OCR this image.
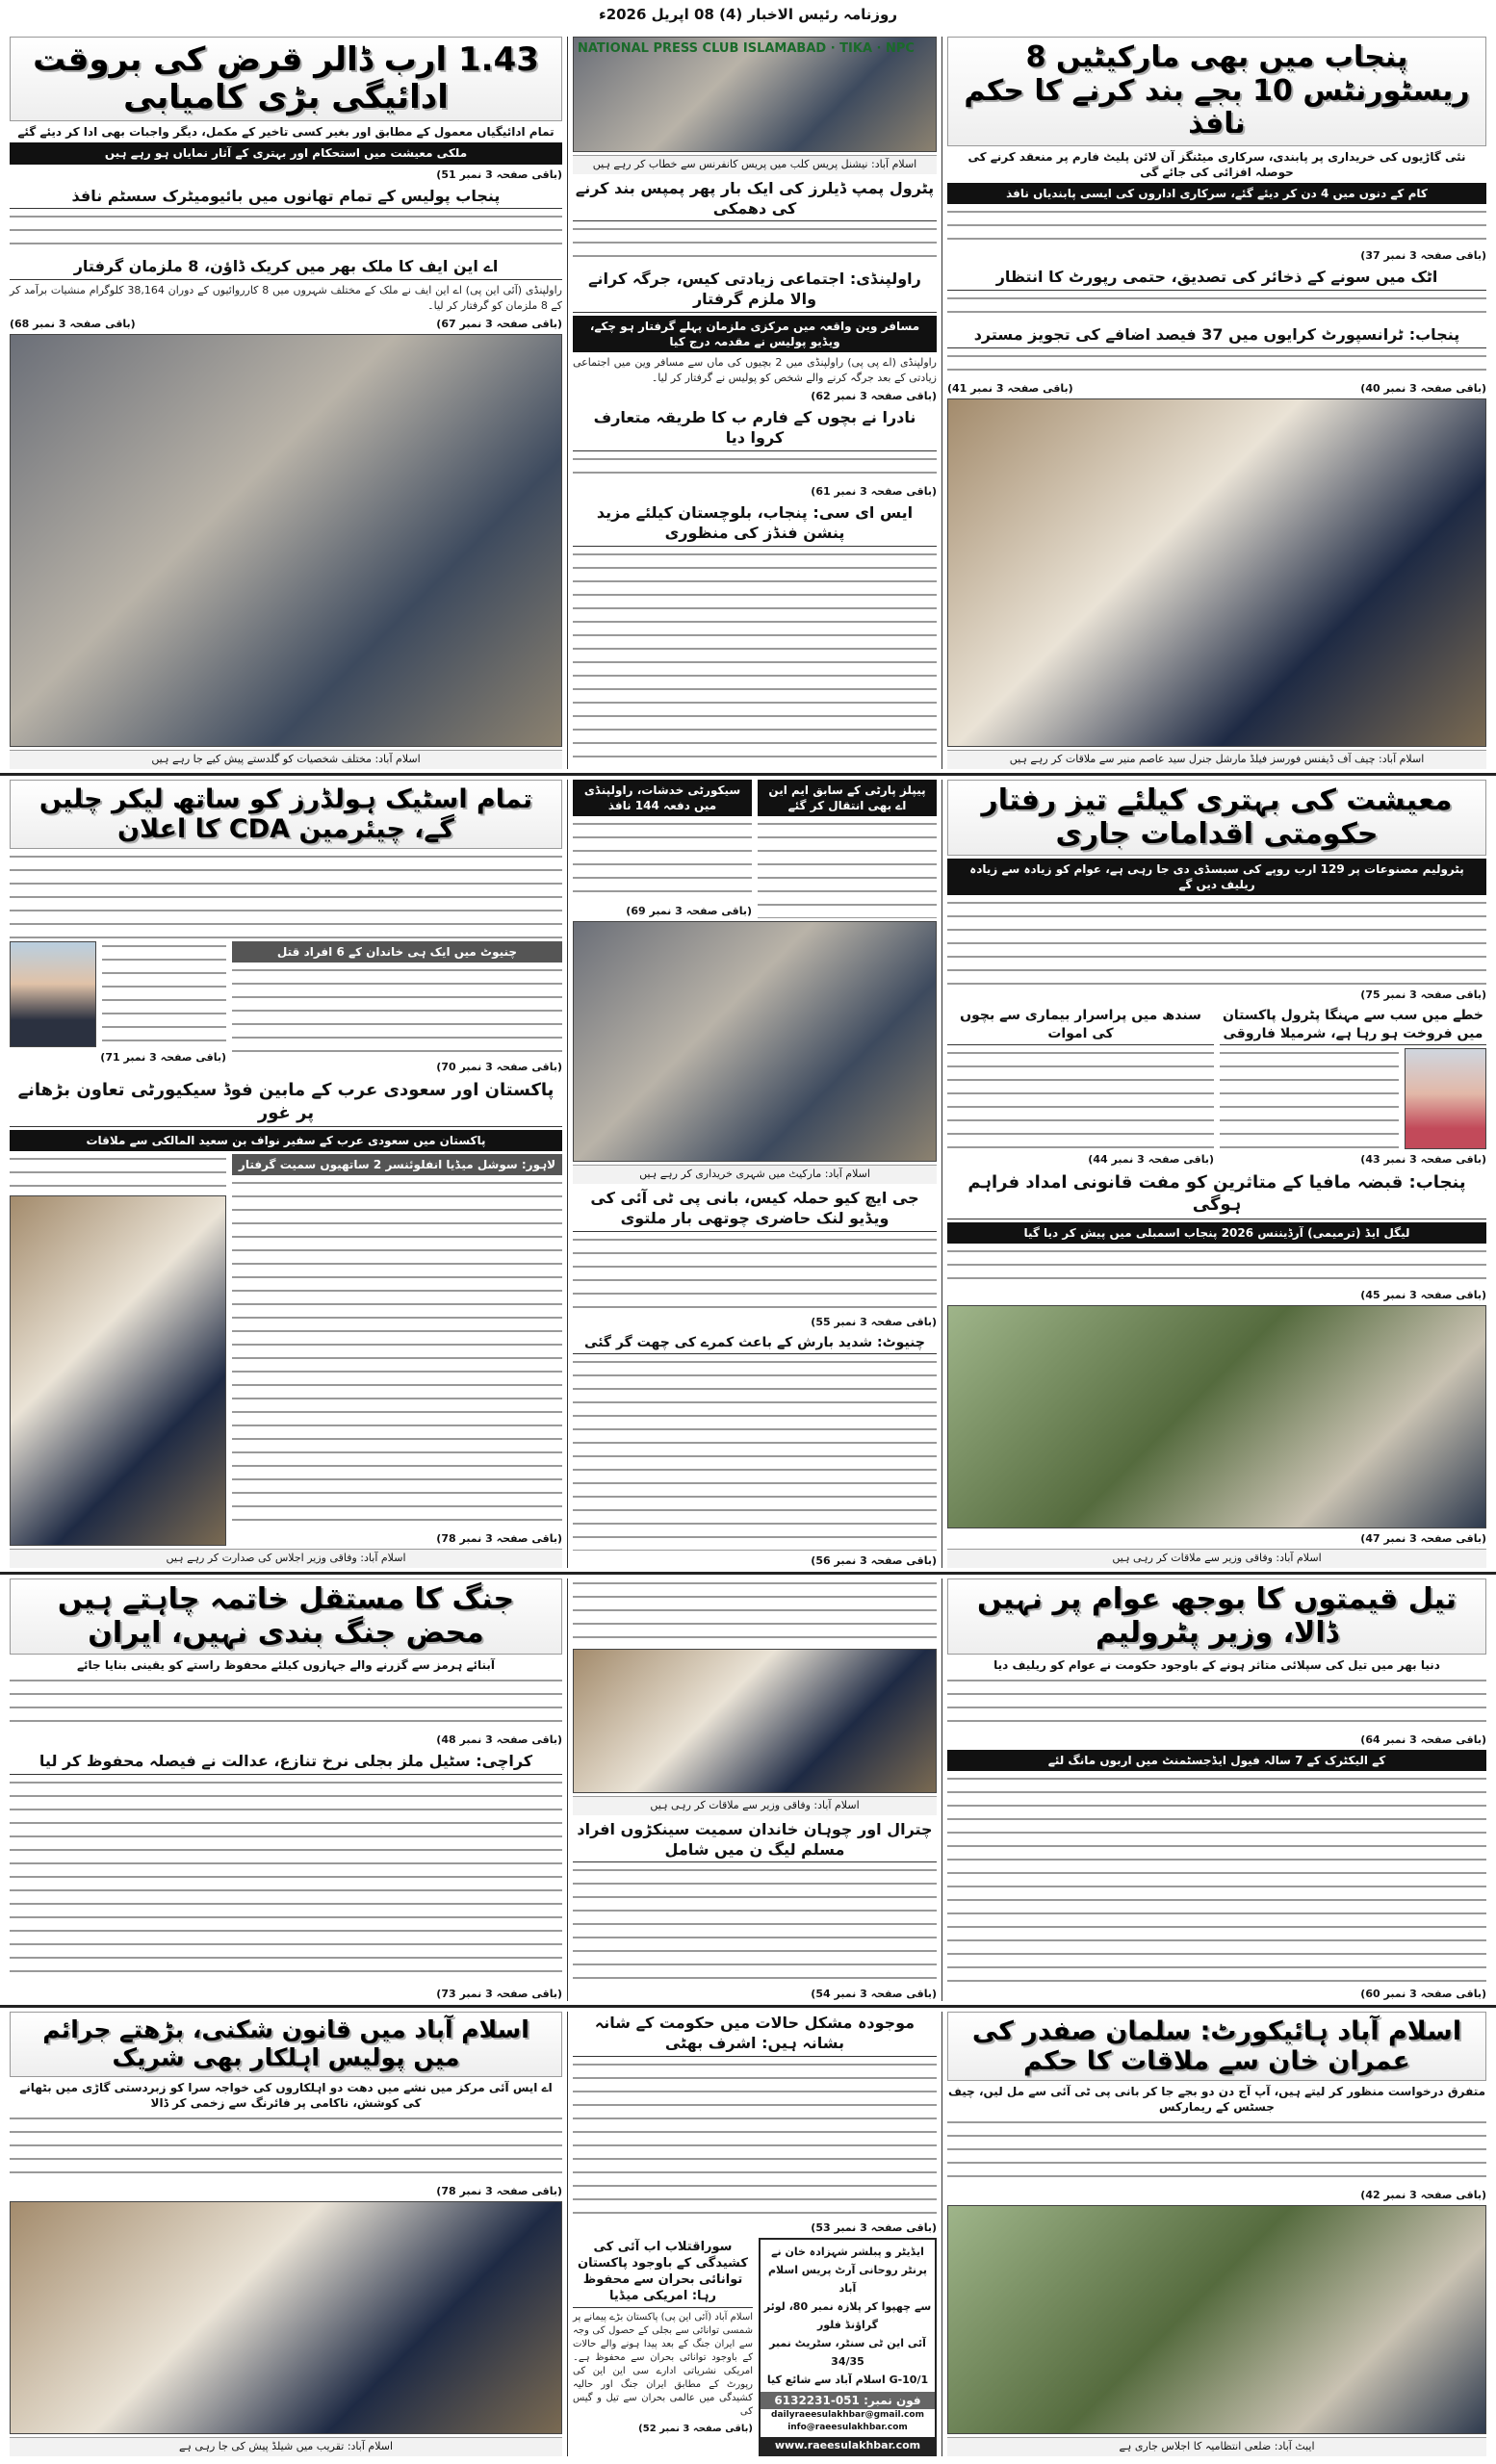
روزنامہ رئیس الاخبار (4) 08 اپریل 2026ء
پنجاب میں بھی مارکیٹیں 8 ریسٹورنٹس 10 بجے بند کرنے کا حکم نافذ
نئی گاڑیوں کی خریداری پر پابندی، سرکاری میٹنگز آن لائن پلیٹ فارم پر منعقد کرنے کی حوصلہ افزائی کی جائے گی
کام کے دنوں میں 4 دن کر دیئے گئے، سرکاری اداروں کی ایسی پابندیاں نافذ
(باقی صفحہ 3 نمبر 37)
اٹک میں سونے کے ذخائر کی تصدیق، حتمی رپورٹ کا انتظار
پنجاب: ٹرانسپورٹ کرایوں میں 37 فیصد اضافے کی تجویز مسترد
(باقی صفحہ 3 نمبر 40)
(باقی صفحہ 3 نمبر 41)
اسلام آباد: چیف آف ڈیفنس فورسز فیلڈ مارشل جنرل سید عاصم منیر سے ملاقات کر رہے ہیں
NATIONAL PRESS CLUB ISLAMABAD · TIKA · NPC
اسلام آباد: نیشنل پریس کلب میں پریس کانفرنس سے خطاب کر رہے ہیں
پٹرول پمپ ڈیلرز کی ایک بار پھر پمپس بند کرنے کی دھمکی
راولپنڈی: اجتماعی زیادتی کیس، جرگہ کرانے والا ملزم گرفتار
مسافر وین واقعہ میں مرکزی ملزمان پہلے گرفتار ہو چکے، ویڈیو پولیس نے مقدمہ درج کیا
راولپنڈی (اے پی پی) راولپنڈی میں 2 بچیوں کی ماں سے مسافر وین میں اجتماعی زیادتی کے بعد جرگہ کرنے والے شخص کو پولیس نے گرفتار کر لیا۔
(باقی صفحہ 3 نمبر 62)
نادرا نے بچوں کے فارم ب کا طریقہ متعارف کروا دیا
(باقی صفحہ 3 نمبر 61)
ایس ای سی: پنجاب، بلوچستان کیلئے مزید پنشن فنڈز کی منظوری
1.43 ارب ڈالر قرض کی بروقت ادائیگی بڑی کامیابی
تمام ادائیگیاں معمول کے مطابق اور بغیر کسی تاخیر کے مکمل، دیگر واجبات بھی ادا کر دیئے گئے
ملکی معیشت میں استحکام اور بہتری کے آثار نمایاں ہو رہے ہیں
(باقی صفحہ 3 نمبر 51)
پنجاب پولیس کے تمام تھانوں میں بائیومیٹرک سسٹم نافذ
اے این ایف کا ملک بھر میں کریک ڈاؤن، 8 ملزمان گرفتار
راولپنڈی (آئی این پی) اے این ایف نے ملک کے مختلف شہروں میں 8 کارروائیوں کے دوران 38,164 کلوگرام منشیات برآمد کر کے 8 ملزمان کو گرفتار کر لیا۔
(باقی صفحہ 3 نمبر 67)
(باقی صفحہ 3 نمبر 68)
اسلام آباد: مختلف شخصیات کو گلدستے پیش کیے جا رہے ہیں
معیشت کی بہتری کیلئے تیز رفتار حکومتی اقدامات جاری
پٹرولیم مصنوعات پر 129 ارب روپے کی سبسڈی دی جا رہی ہے، عوام کو زیادہ سے زیادہ ریلیف دیں گے
(باقی صفحہ 3 نمبر 75)
خطے میں سب سے مہنگا پٹرول پاکستان میں فروخت ہو رہا ہے، شرمیلا فاروقی
(باقی صفحہ 3 نمبر 43)
سندھ میں پراسرار بیماری سے بچوں کی اموات
(باقی صفحہ 3 نمبر 44)
پنجاب: قبضہ مافیا کے متاثرین کو مفت قانونی امداد فراہم ہوگی
لیگل ایڈ (ترمیمی) آرڈیننس 2026 پنجاب اسمبلی میں پیش کر دیا گیا
(باقی صفحہ 3 نمبر 45)
(باقی صفحہ 3 نمبر 47)
اسلام آباد: وفاقی وزیر سے ملاقات کر رہی ہیں
پیپلز پارٹی کے سابق ایم این اے بھی انتقال کر گئے
سیکورٹی خدشات، راولپنڈی میں دفعہ 144 نافذ
(باقی صفحہ 3 نمبر 69)
اسلام آباد: مارکیٹ میں شہری خریداری کر رہے ہیں
جی ایچ کیو حملہ کیس، بانی پی ٹی آئی کی ویڈیو لنک حاضری چوتھی بار ملتوی
(باقی صفحہ 3 نمبر 55)
چنیوٹ: شدید بارش کے باعث کمرے کی چھت گر گئی
(باقی صفحہ 3 نمبر 56)
تمام اسٹیک ہولڈرز کو ساتھ لیکر چلیں گے، چیئرمین CDA کا اعلان
چنیوٹ میں ایک ہی خاندان کے 6 افراد قتل
(باقی صفحہ 3 نمبر 70)
(باقی صفحہ 3 نمبر 71)
پاکستان اور سعودی عرب کے مابین فوڈ سیکیورٹی تعاون بڑھانے پر غور
پاکستان میں سعودی عرب کے سفیر نواف بن سعید المالکی سے ملاقات
لاہور: سوشل میڈیا انفلوئنسر 2 ساتھیوں سمیت گرفتار
(باقی صفحہ 3 نمبر 78)
اسلام آباد: وفاقی وزیر اجلاس کی صدارت کر رہے ہیں
تیل قیمتوں کا بوجھ عوام پر نہیں ڈالا، وزیر پٹرولیم
دنیا بھر میں تیل کی سپلائی متاثر ہونے کے باوجود حکومت نے عوام کو ریلیف دیا
(باقی صفحہ 3 نمبر 64)
کے الیکٹرک کے 7 سالہ فیول ایڈجسٹمنٹ میں اربوں مانگ لئے
(باقی صفحہ 3 نمبر 60)
اسلام آباد: وفاقی وزیر سے ملاقات کر رہی ہیں
چترال اور چوہان خاندان سمیت سینکڑوں افراد مسلم لیگ ن میں شامل
(باقی صفحہ 3 نمبر 54)
جنگ کا مستقل خاتمہ چاہتے ہیں محض جنگ بندی نہیں، ایران
آبنائے ہرمز سے گزرنے والے جہازوں کیلئے محفوظ راستے کو یقینی بنایا جائے
(باقی صفحہ 3 نمبر 48)
کراچی: سٹیل ملز بجلی نرخ تنازع، عدالت نے فیصلہ محفوظ کر لیا
(باقی صفحہ 3 نمبر 73)
اسلام آباد ہائیکورٹ: سلمان صفدر کی عمران خان سے ملاقات کا حکم
متفرق درخواست منظور کر لیتے ہیں، آپ آج دن دو بجے جا کر بانی پی ٹی آئی سے مل لیں، چیف جسٹس کے ریمارکس
(باقی صفحہ 3 نمبر 42)
ایبٹ آباد: ضلعی انتظامیہ کا اجلاس جاری ہے
موجودہ مشکل حالات میں حکومت کے شانہ بشانہ ہیں: اشرف بھٹی
(باقی صفحہ 3 نمبر 53)
ایڈیٹر و پبلشر شہزادہ خان نے
پرنٹر روحانی آرٹ پریس اسلام آباد
سے چھپوا کر پلازہ نمبر 80، لوئر گراؤنڈ فلور
آئی این ٹی سنٹر، سٹریٹ نمبر 34/35
G-10/1 اسلام آباد سے شائع کیا
فون نمبر: 051-6132231
dailyraeesulakhbar@gmail.com
info@raeesulakhbar.com
www.raeesulakhbar.com
سوراقتلاب اب آئی کی کشیدگی کے باوجود پاکستان توانائی بحران سے محفوظ رہا: امریکی میڈیا
اسلام آباد (آئی این پی) پاکستان بڑے پیمانے پر شمسی توانائی سے بجلی کے حصول کی وجہ سے ایران جنگ کے بعد پیدا ہونے والے حالات کے باوجود توانائی بحران سے محفوظ ہے۔ امریکی نشریاتی ادارے سی این این کی رپورٹ کے مطابق ایران جنگ اور حالیہ کشیدگی میں عالمی بحران سے تیل و گیس کی
(باقی صفحہ 3 نمبر 52)
اسلام آباد میں قانون شکنی، بڑھتے جرائم میں پولیس اہلکار بھی شریک
اے ایس آئی مرکز میں نشے میں دھت دو اہلکاروں کی خواجہ سرا کو زبردستی گاڑی میں بٹھانے کی کوشش، ناکامی پر فائرنگ سے زخمی کر ڈالا
(باقی صفحہ 3 نمبر 78)
اسلام آباد: تقریب میں شیلڈ پیش کی جا رہی ہے
